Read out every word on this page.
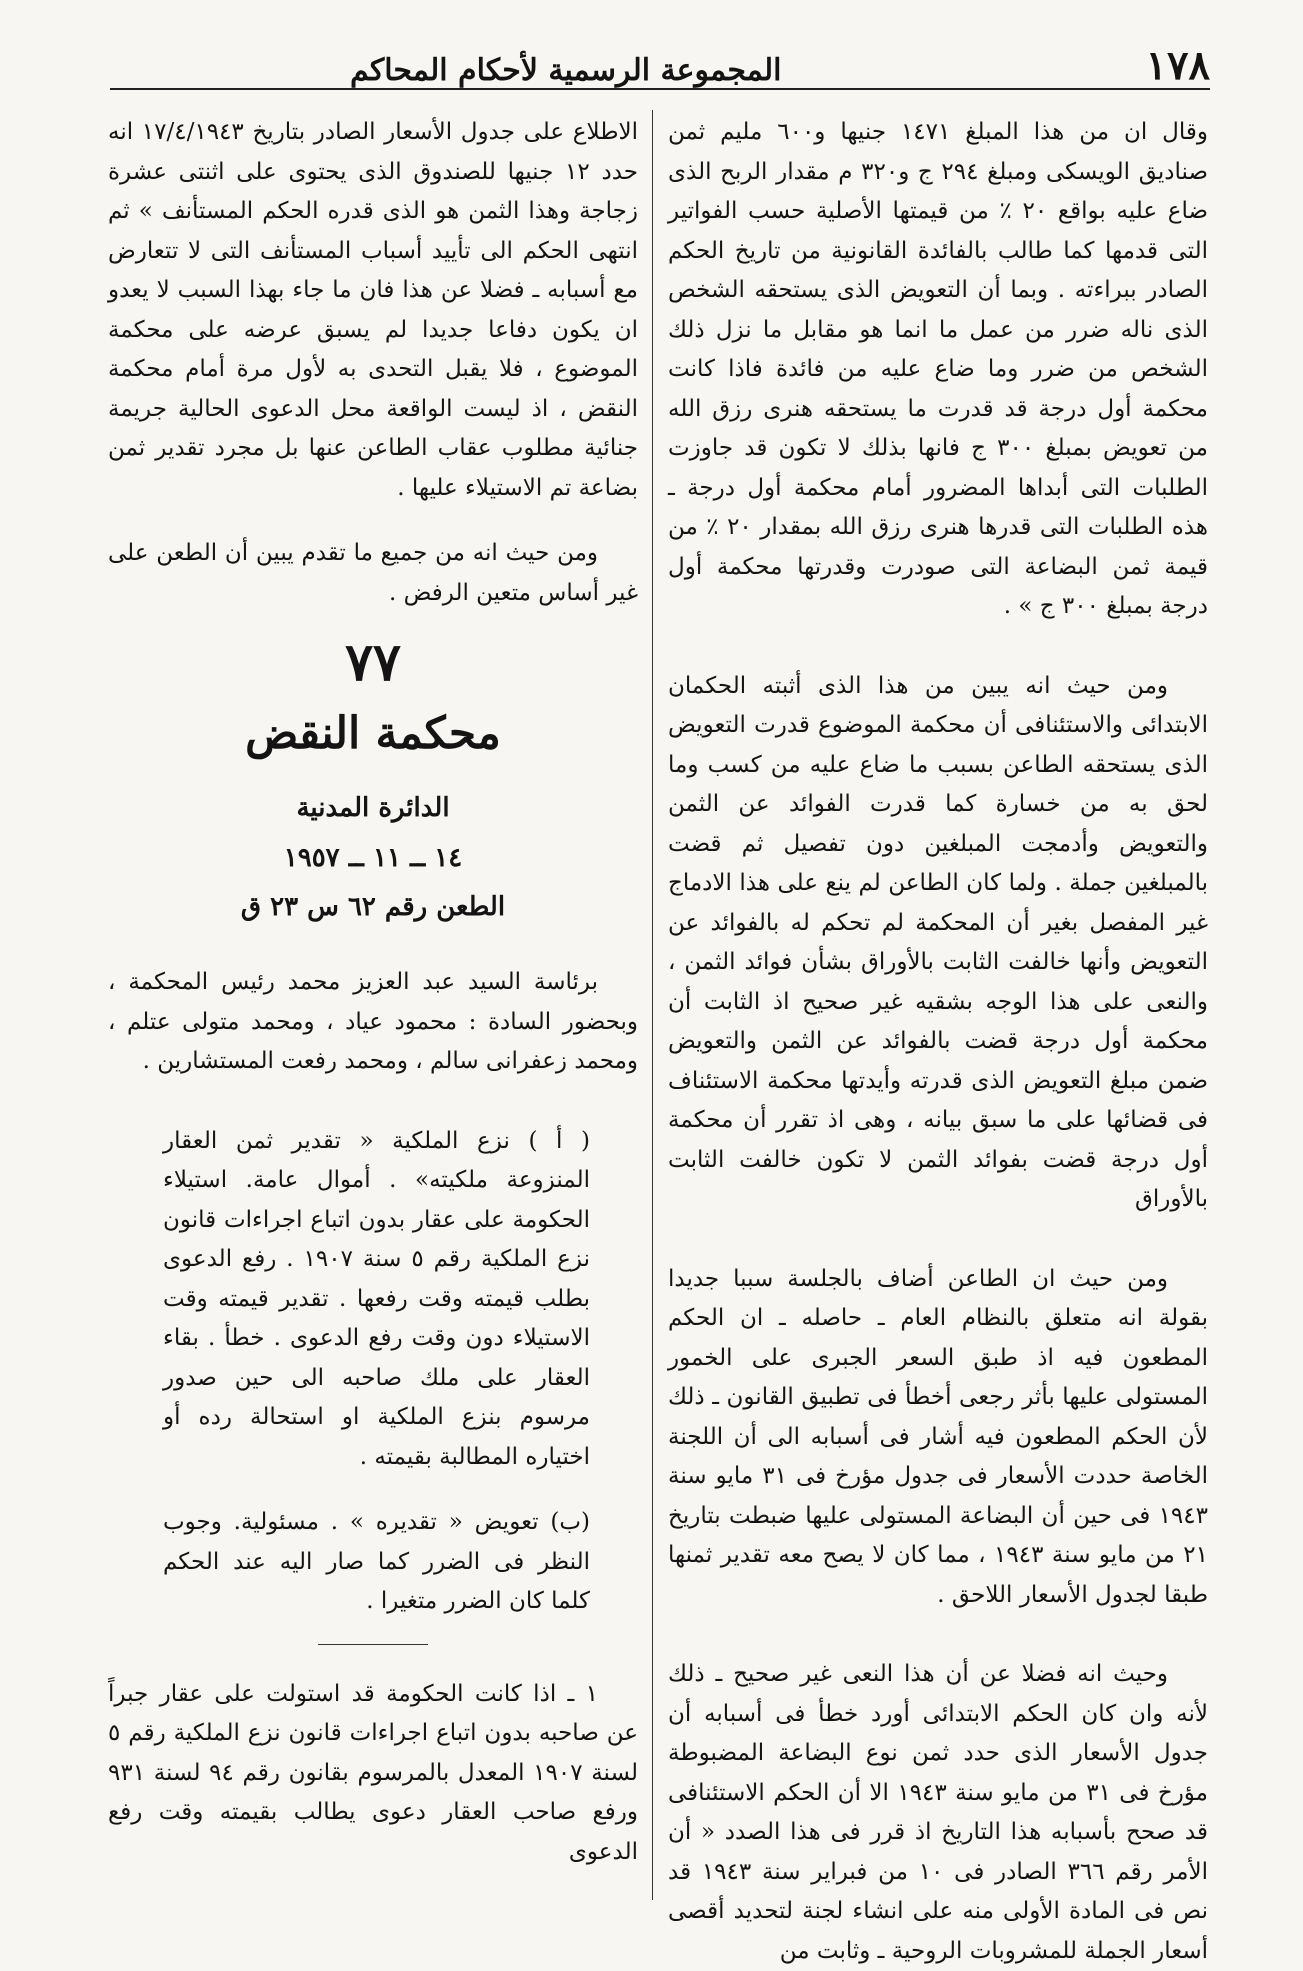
١٧٨
المجموعة الرسمية لأحكام المحاكم

وقال ان من هذا المبلغ ١٤٧١ جنيها و٦٠٠ مليم ثمن صناديق الويسكى ومبلغ ٢٩٤ ج و٣٢٠ م مقدار الربح الذى ضاع عليه بواقع ٢٠ ٪ من قيمتها الأصلية حسب الفواتير التى قدمها كما طالب بالفائدة القانونية من تاريخ الحكم الصادر ببراءته . وبما أن التعويض الذى يستحقه الشخص الذى ناله ضرر من عمل ما انما هو مقابل ما نزل ذلك الشخص من ضرر وما ضاع عليه من فائدة فاذا كانت محكمة أول درجة قد قدرت ما يستحقه هنرى رزق الله من تعويض بمبلغ ٣٠٠ ج فانها بذلك لا تكون قد جاوزت الطلبات التى أبداها المضرور أمام محكمة أول درجة ـ هذه الطلبات التى قدرها هنرى رزق الله بمقدار ٢٠ ٪ من قيمة ثمن البضاعة التى صودرت وقدرتها محكمة أول درجة بمبلغ ٣٠٠ ج » .

ومن حيث انه يبين من هذا الذى أثبته الحكمان الابتدائى والاستئنافى أن محكمة الموضوع قدرت التعويض الذى يستحقه الطاعن بسبب ما ضاع عليه من كسب وما لحق به من خسارة كما قدرت الفوائد عن الثمن والتعويض وأدمجت المبلغين دون تفصيل ثم قضت بالمبلغين جملة . ولما كان الطاعن لم ينع على هذا الادماج غير المفصل بغير أن المحكمة لم تحكم له بالفوائد عن التعويض وأنها خالفت الثابت بالأوراق بشأن فوائد الثمن ، والنعى على هذا الوجه بشقيه غير صحيح اذ الثابت أن محكمة أول درجة قضت بالفوائد عن الثمن والتعويض ضمن مبلغ التعويض الذى قدرته وأيدتها محكمة الاستئناف فى قضائها على ما سبق بيانه ، وهى اذ تقرر أن محكمة أول درجة قضت بفوائد الثمن لا تكون خالفت الثابت بالأوراق

ومن حيث ان الطاعن أضاف بالجلسة سببا جديدا بقولة انه متعلق بالنظام العام ـ حاصله ـ ان الحكم المطعون فيه اذ طبق السعر الجبرى على الخمور المستولى عليها بأثر رجعى أخطأ فى تطبيق القانون ـ ذلك لأن الحكم المطعون فيه أشار فى أسبابه الى أن اللجنة الخاصة حددت الأسعار فى جدول مؤرخ فى ٣١ مايو سنة ١٩٤٣ فى حين أن البضاعة المستولى عليها ضبطت بتاريخ ٢١ من مايو سنة ١٩٤٣ ، مما كان لا يصح معه تقدير ثمنها طبقا لجدول الأسعار اللاحق .

وحيث انه فضلا عن أن هذا النعى غير صحيح ـ ذلك لأنه وان كان الحكم الابتدائى أورد خطأ فى أسبابه أن جدول الأسعار الذى حدد ثمن نوع البضاعة المضبوطة مؤرخ فى ٣١ من مايو سنة ١٩٤٣ الا أن الحكم الاستئنافى قد صحح بأسبابه هذا التاريخ اذ قرر فى هذا الصدد « أن الأمر رقم ٣٦٦ الصادر فى ١٠ من فبراير سنة ١٩٤٣ قد نص فى المادة الأولى منه على انشاء لجنة لتحديد أقصى أسعار الجملة للمشروبات الروحية ـ وثابت من

الاطلاع على جدول الأسعار الصادر بتاريخ ١٧/٤/١٩٤٣ انه حدد ١٢ جنيها للصندوق الذى يحتوى على اثنتى عشرة زجاجة وهذا الثمن هو الذى قدره الحكم المستأنف » ثم انتهى الحكم الى تأييد أسباب المستأنف التى لا تتعارض مع أسبابه ـ فضلا عن هذا فان ما جاء بهذا السبب لا يعدو ان يكون دفاعا جديدا لم يسبق عرضه على محكمة الموضوع ، فلا يقبل التحدى به لأول مرة أمام محكمة النقض ، اذ ليست الواقعة محل الدعوى الحالية جريمة جنائية مطلوب عقاب الطاعن عنها بل مجرد تقدير ثمن بضاعة تم الاستيلاء عليها .

ومن حيث انه من جميع ما تقدم يبين أن الطعن على غير أساس متعين الرفض .

٧٧
محكمة النقض
الدائرة المدنية
١٤ ــ ١١ ــ ١٩٥٧
الطعن رقم ٦٢ س ٢٣ ق

برئاسة السيد عبد العزيز محمد رئيس المحكمة ، وبحضور السادة : محمود عياد ، ومحمد متولى عتلم ، ومحمد زعفرانى سالم ، ومحمد رفعت المستشارين .

( أ ) نزع الملكية « تقدير ثمن العقار المنزوعة ملكيته» . أموال عامة. استيلاء الحكومة على عقار بدون اتباع اجراءات قانون نزع الملكية رقم ٥ سنة ١٩٠٧ . رفع الدعوى بطلب قيمته وقت رفعها . تقدير قيمته وقت الاستيلاء دون وقت رفع الدعوى . خطأ . بقاء العقار على ملك صاحبه الى حين صدور مرسوم بنزع الملكية او استحالة رده أو اختياره المطالبة بقيمته .

(ب) تعويض « تقديره » . مسئولية. وجوب النظر فى الضرر كما صار اليه عند الحكم كلما كان الضرر متغيرا .

١ ـ اذا كانت الحكومة قد استولت على عقار جبراً عن صاحبه بدون اتباع اجراءات قانون نزع الملكية رقم ٥ لسنة ١٩٠٧ المعدل بالمرسوم بقانون رقم ٩٤ لسنة ٩٣١ ورفع صاحب العقار دعوى يطالب بقيمته وقت رفع الدعوى
